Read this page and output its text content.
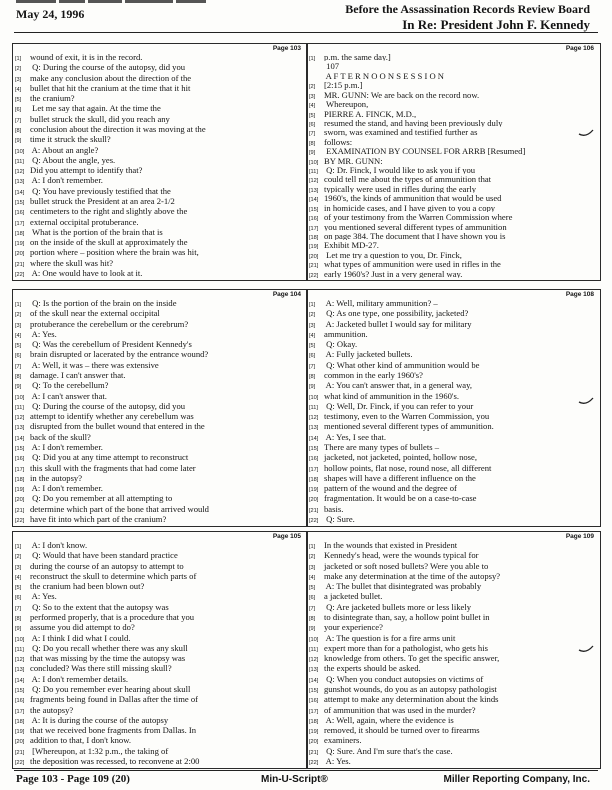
May 24, 1996	Before the Assassination Records Review Board
In Re: President John F. Kennedy
Page 103
[1] wound of exit, it is in the record.
[2] Q: During the course of the autopsy, did you
[3] make any conclusion about the direction of the
[4] bullet that hit the cranium at the time that it hit
[5] the cranium?
[6] Let me say that again. At the time the
[7] bullet struck the skull, did you reach any
[8] conclusion about the direction it was moving at the
[9] time it struck the skull?
[10] A: About an angle?
[11] Q: About the angle, yes.
[12] Did you attempt to identify that?
[13] A: I don't remember.
[14] Q: You have previously testified that the
[15] bullet struck the President at an area 2-1/2
[16] centimeters to the right and slightly above the
[17] external occipital protuberance.
[18] What is the portion of the brain that is
[19] on the inside of the skull at approximately the
[20] portion where – position where the brain was hit,
[21] where the skull was hit?
[22] A: One would have to look at it.
Page 104
[1] Q: Is the portion of the brain on the inside
[2] of the skull near the external occipital
[3] protuberance the cerebellum or the cerebrum?
[4] A: Yes.
[5] Q: Was the cerebellum of President Kennedy's
[6] brain disrupted or lacerated by the entrance wound?
[7] A: Well, it was – there was extensive
[8] damage. I can't answer that.
[9] Q: To the cerebellum?
[10] A: I can't answer that.
[11] Q: During the course of the autopsy, did you
[12] attempt to identify whether any cerebellum was
[13] disrupted from the bullet wound that entered in the
[14] back of the skull?
[15] A: I don't remember.
[16] Q: Did you at any time attempt to reconstruct
[17] this skull with the fragments that had come later
[18] in the autopsy?
[19] A: I don't remember.
[20] Q: Do you remember at all attempting to
[21] determine which part of the bone that arrived would
[22] have fit into which part of the cranium?
Page 105
[1] A: I don't know.
[2] Q: Would that have been standard practice
[3] during the course of an autopsy to attempt to
[4] reconstruct the skull to determine which parts of
[5] the cranium had been blown out?
[6] A: Yes.
[7] Q: So to the extent that the autopsy was
[8] performed properly, that is a procedure that you
[9] assume you did attempt to do?
[10] A: I think I did what I could.
[11] Q: Do you recall whether there was any skull
[12] that was missing by the time the autopsy was
[13] concluded? Was there still missing skull?
[14] A: I don't remember details.
[15] Q: Do you remember ever hearing about skull
[16] fragments being found in Dallas after the time of
[17] the autopsy?
[18] A: It is during the course of the autopsy
[19] that we received bone fragments from Dallas. In
[20] addition to that, I don't know.
[21] [Whereupon, at 1:32 p.m., the taking of
[22] the deposition was recessed, to reconvene at 2:00
Page 106
[1] p.m. the same day.]
107
A F T E R N O O N S E S S I O N
[2] [2:15 p.m.]
[3] MR. GUNN: We are back on the record now.
[4] Whereupon,
[5] PIERRE A. FINCK, M.D.,
[6] resumed the stand, and having been previously duly
[7] sworn, was examined and testified further as
[8] follows:
[9] EXAMINATION BY COUNSEL FOR ARRB [Resumed]
[10] BY MR. GUNN:
[11] Q: Dr. Finck, I would like to ask you if you
[12] could tell me about the types of ammunition that
[13] typically were used in rifles during the early
[14] 1960's, the kinds of ammunition that would be used
[15] in homicide cases, and I have given to you a copy
[16] of your testimony from the Warren Commission where
[17] you mentioned several different types of ammunition
[18] on page 384. The document that I have shown you is
[19] Exhibit MD-27.
[20] Let me try a question to you, Dr. Finck,
[21] what types of ammunition were used in rifles in the
[22] early 1960's? Just in a very general way.
Page 108
[1] A: Well, military ammunition? –
[2] Q: As one type, one possibility, jacketed?
[3] A: Jacketed bullet I would say for military
[4] ammunition.
[5] Q: Okay.
[6] A: Fully jacketed bullets.
[7] Q: What other kind of ammunition would be
[8] common in the early 1960's?
[9] A: You can't answer that, in a general way,
[10] what kind of ammunition in the 1960's.
[11] Q: Well, Dr. Finck, if you can refer to your
[12] testimony, even to the Warren Commission, you
[13] mentioned several different types of ammunition.
[14] A: Yes, I see that.
[15] There are many types of bullets –
[16] jacketed, not jacketed, pointed, hollow nose,
[17] hollow points, flat nose, round nose, all different
[18] shapes will have a different influence on the
[19] pattern of the wound and the degree of
[20] fragmentation. It would be on a case-to-case
[21] basis.
[22] Q: Sure.
Page 109
[1] In the wounds that existed in President
[2] Kennedy's head, were the wounds typical for
[3] jacketed or soft nosed bullets? Were you able to
[4] make any determination at the time of the autopsy?
[5] A: The bullet that disintegrated was probably
[6] a jacketed bullet.
[7] Q: Are jacketed bullets more or less likely
[8] to disintegrate than, say, a hollow point bullet in
[9] your experience?
[10] A: The question is for a fire arms unit
[11] expert more than for a pathologist, who gets his
[12] knowledge from others. To get the specific answer,
[13] the experts should be asked.
[14] Q: When you conduct autopsies on victims of
[15] gunshot wounds, do you as an autopsy pathologist
[16] attempt to make any determination about the kinds
[17] of ammunition that was used in the murder?
[18] A: Well, again, where the evidence is
[19] removed, it should be turned over to firearms
[20] examiners.
[21] Q: Sure. And I'm sure that's the case.
[22] A: Yes.
Page 103 - Page 109 (20)	Min-U-Script®	Miller Reporting Company, Inc.
